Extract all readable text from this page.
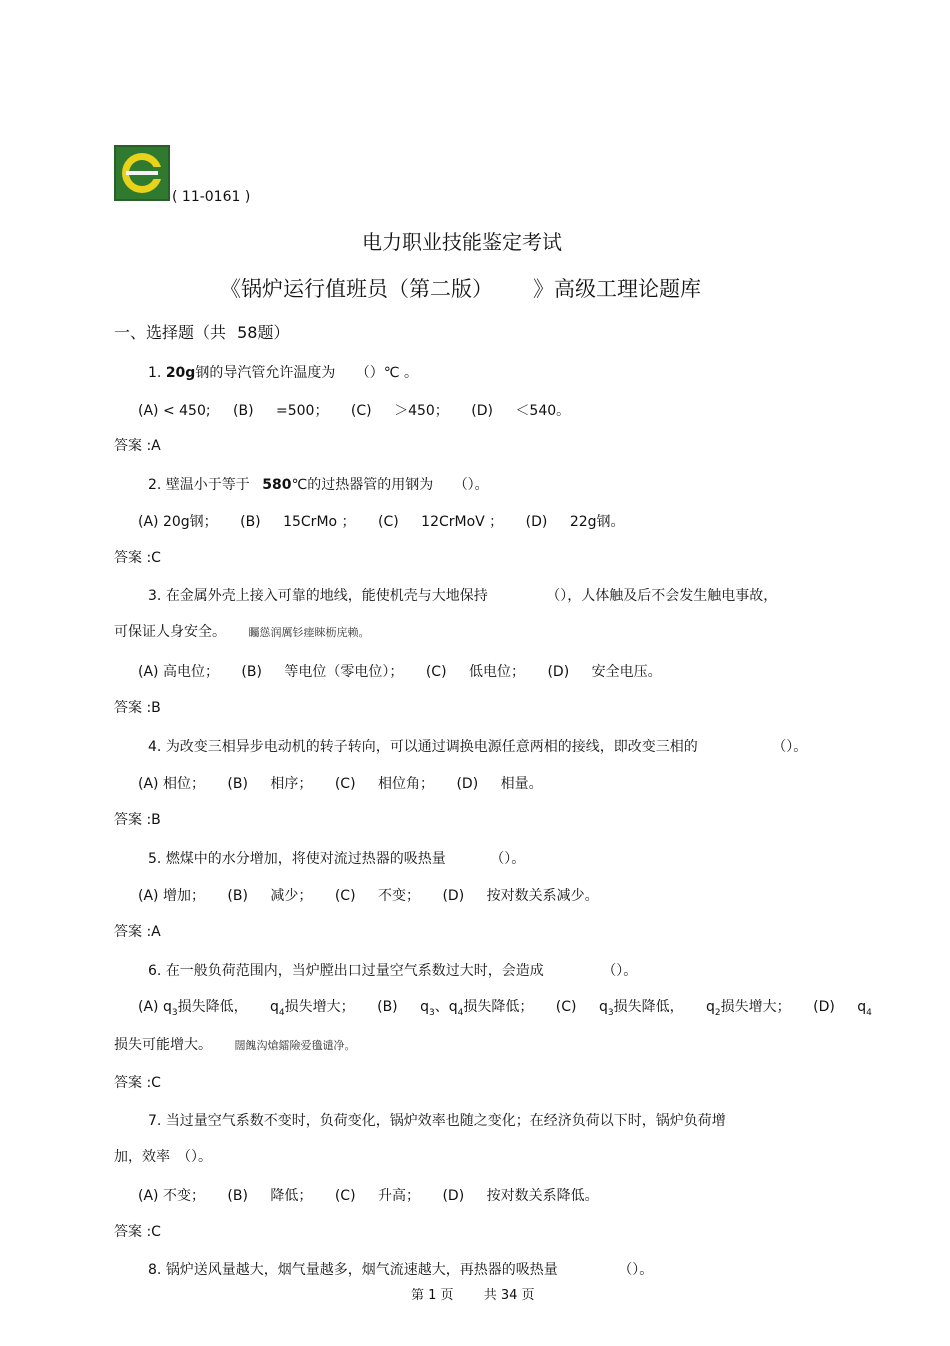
( 11-0161 )
电力职业技能鉴定考试
《锅炉运行值班员（第二版） 》高级工理论题库
一、选择题（共 58题）
1. 20g钢的导汽管允许温度为 （）℃ 。
(A) < 450; (B) =500； (C) ＞450； (D) ＜540。
答案 :A
2. 壁温小于等于 580℃的过热器管的用钢为 （）。
(A) 20g钢； (B) 15CrMo ； (C) 12CrMoV ； (D) 22g钢。
答案 :C
3. 在金属外壳上接入可靠的地线，能使机壳与大地保持	（），人体触及后不会发生触电事故，
可保证人身安全。 矚慫润厲钐瘗睞枥庑赖。
(A) 高电位； (B) 等电位（零电位）； (C) 低电位； (D) 安全电压。
答案 :B
4. 为改变三相异步电动机的转子转向，可以通过调换电源任意两相的接线，即改变三相的	（）。
(A) 相位； (B) 相序； (C) 相位角； (D) 相量。
答案 :B
5. 燃煤中的水分增加，将使对流过热器的吸热量	（）。
(A) 增加； (B) 减少； (C) 不变； (D) 按对数关系减少。
答案 :A
6. 在一般负荷范围内，当炉膛出口过量空气系数过大时，会造成	（）。
(A) $q_3$损失降低， $q_4$损失增大； (B) $q_3$、$q_4$损失降低； (C) $q_3$损失降低， $q_2$损失增大； (D) $q_4$
损失可能增大。 闊餽沟熗鐳險爱氇谴净。
答案 :C
7. 当过量空气系数不变时，负荷变化，锅炉效率也随之变化；在经济负荷以下时，锅炉负荷增
加，效率　（）。
(A) 不变； (B) 降低； (C) 升高； (D) 按对数关系降低。
答案 :C
8. 锅炉送风量越大，烟气量越多，烟气流速越大，再热器的吸热量	（）。
第 1 页 共 34 页
